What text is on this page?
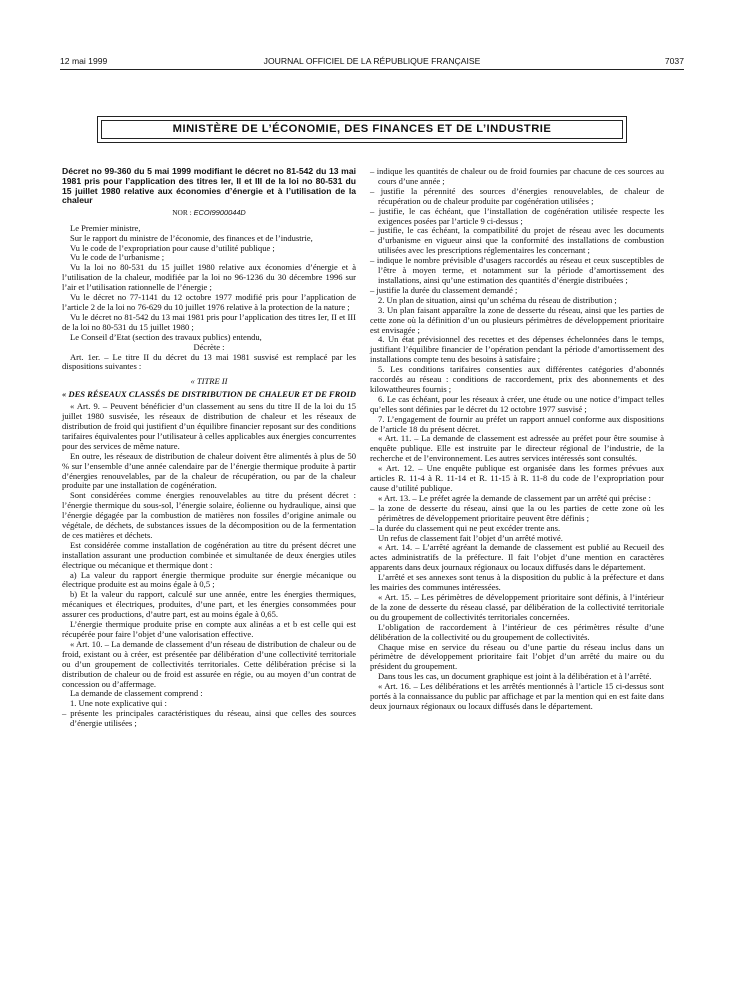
12 mai 1999	JOURNAL OFFICIEL DE LA RÉPUBLIQUE FRANÇAISE	7037
MINISTÈRE DE L’ÉCONOMIE, DES FINANCES ET DE L’INDUSTRIE

Décret no 99-360 du 5 mai 1999 modifiant le décret no 81-542 du 13 mai 1981 pris pour l’application des titres Ier, II et III de la loi no 80-531 du 15 juillet 1980 relative aux économies d’énergie et à l’utilisation de la chaleur

NOR : ECOI9900044D

Le Premier ministre,

Sur le rapport du ministre de l’économie, des finances et de l’industrie,

Vu le code de l’expropriation pour cause d’utilité publique ;

Vu le code de l’urbanisme ;

Vu la loi no 80-531 du 15 juillet 1980 relative aux économies d’énergie et à l’utilisation de la chaleur, modifiée par la loi no 96-1236 du 30 décembre 1996 sur l’air et l’utilisation rationnelle de l’énergie ;

Vu le décret no 77-1141 du 12 octobre 1977 modifié pris pour l’application de l’article 2 de la loi no 76-629 du 10 juillet 1976 relative à la protection de la nature ;

Vu le décret no 81-542 du 13 mai 1981 pris pour l’application des titres Ier, II et III de la loi no 80-531 du 15 juillet 1980 ;

Le Conseil d’Etat (section des travaux publics) entendu,

Décrète :

Art. 1er. – Le titre II du décret du 13 mai 1981 susvisé est remplacé par les dispositions suivantes :

« TITRE II

« DES RÉSEAUX CLASSÉS DE DISTRIBUTION DE CHALEUR ET DE FROID

« Art. 9. – Peuvent bénéficier d’un classement au sens du titre II de la loi du 15 juillet 1980 susvisée, les réseaux de distribution de chaleur et les réseaux de distribution de froid qui justifient d’un équilibre financier reposant sur des conditions tarifaires équivalentes pour l’utilisateur à celles applicables aux énergies concurrentes pour des services de même nature.

En outre, les réseaux de distribution de chaleur doivent être alimentés à plus de 50 % sur l’ensemble d’une année calendaire par de l’énergie thermique produite à partir d’énergies renouvelables, par de la chaleur de récupération, ou par de la chaleur produite par une installation de cogénération.

Sont considérées comme énergies renouvelables au titre du présent décret : l’énergie thermique du sous-sol, l’énergie solaire, éolienne ou hydraulique, ainsi que l’énergie dégagée par la combustion de matières non fossiles d’origine animale ou végétale, de déchets, de substances issues de la décomposition ou de la fermentation de ces matières et déchets.

Est considérée comme installation de cogénération au titre du présent décret une installation assurant une production combinée et simultanée de deux énergies utiles électrique ou mécanique et thermique dont :

a) La valeur du rapport énergie thermique produite sur énergie mécanique ou électrique produite est au moins égale à 0,5 ;

b) Et la valeur du rapport, calculé sur une année, entre les énergies thermiques, mécaniques et électriques, produites, d’une part, et les énergies consommées pour assurer ces productions, d’autre part, est au moins égale à 0,65.

L’énergie thermique produite prise en compte aux alinéas a et b est celle qui est récupérée pour faire l’objet d’une valorisation effective.

« Art. 10. – La demande de classement d’un réseau de distribution de chaleur ou de froid, existant ou à créer, est présentée par délibération d’une collectivité territoriale ou d’un groupement de collectivités territoriales. Cette délibération précise si la distribution de chaleur ou de froid est assurée en régie, ou au moyen d’un contrat de concession ou d’affermage.

La demande de classement comprend :

1. Une note explicative qui :

– présente les principales caractéristiques du réseau, ainsi que celles des sources d’énergie utilisées ;

– indique les quantités de chaleur ou de froid fournies par chacune de ces sources au cours d’une année ;

– justifie la pérennité des sources d’énergies renouvelables, de chaleur de récupération ou de chaleur produite par cogénération utilisées ;

– justifie, le cas échéant, que l’installation de cogénération utilisée respecte les exigences posées par l’article 9 ci-dessus ;

– justifie, le cas échéant, la compatibilité du projet de réseau avec les documents d’urbanisme en vigueur ainsi que la conformité des installations de combustion utilisées avec les prescriptions réglementaires les concernant ;

– indique le nombre prévisible d’usagers raccordés au réseau et ceux susceptibles de l’être à moyen terme, et notamment sur la période d’amortissement des installations, ainsi qu’une estimation des quantités d’énergie distribuées ;

– justifie la durée du classement demandé ;

2. Un plan de situation, ainsi qu’un schéma du réseau de distribution ;

3. Un plan faisant apparaître la zone de desserte du réseau, ainsi que les parties de cette zone où la définition d’un ou plusieurs périmètres de développement prioritaire est envisagée ;

4. Un état prévisionnel des recettes et des dépenses échelonnées dans le temps, justifiant l’équilibre financier de l’opération pendant la période d’amortissement des installations compte tenu des besoins à satisfaire ;

5. Les conditions tarifaires consenties aux différentes catégories d’abonnés raccordés au réseau : conditions de raccordement, prix des abonnements et des kilowattheures fournis ;

6. Le cas échéant, pour les réseaux à créer, une étude ou une notice d’impact telles qu’elles sont définies par le décret du 12 octobre 1977 susvisé ;

7. L’engagement de fournir au préfet un rapport annuel conforme aux dispositions de l’article 18 du présent décret.

« Art. 11. – La demande de classement est adressée au préfet pour être soumise à enquête publique. Elle est instruite par le directeur régional de l’industrie, de la recherche et de l’environnement. Les autres services intéressés sont consultés.

« Art. 12. – Une enquête publique est organisée dans les formes prévues aux articles R. 11-4 à R. 11-14 et R. 11-15 à R. 11-8 du code de l’expropriation pour cause d’utilité publique.

« Art. 13. – Le préfet agrée la demande de classement par un arrêté qui précise :

– la zone de desserte du réseau, ainsi que la ou les parties de cette zone où les périmètres de développement prioritaire peuvent être définis ;

– la durée du classement qui ne peut excéder trente ans.

Un refus de classement fait l’objet d’un arrêté motivé.

« Art. 14. – L’arrêté agréant la demande de classement est publié au Recueil des actes administratifs de la préfecture. Il fait l’objet d’une mention en caractères apparents dans deux journaux régionaux ou locaux diffusés dans le département.

L’arrêté et ses annexes sont tenus à la disposition du public à la préfecture et dans les mairies des communes intéressées.

« Art. 15. – Les périmètres de développement prioritaire sont définis, à l’intérieur de la zone de desserte du réseau classé, par délibération de la collectivité territoriale ou du groupement de collectivités territoriales concernées.

L’obligation de raccordement à l’intérieur de ces périmètres résulte d’une délibération de la collectivité ou du groupement de collectivités.

Chaque mise en service du réseau ou d’une partie du réseau inclus dans un périmètre de développement prioritaire fait l’objet d’un arrêté du maire ou du président du groupement.

Dans tous les cas, un document graphique est joint à la délibération et à l’arrêté.

« Art. 16. – Les délibérations et les arrêtés mentionnés à l’article 15 ci-dessus sont portés à la connaissance du public par affichage et par la mention qui en est faite dans deux journaux régionaux ou locaux diffusés dans le département.
